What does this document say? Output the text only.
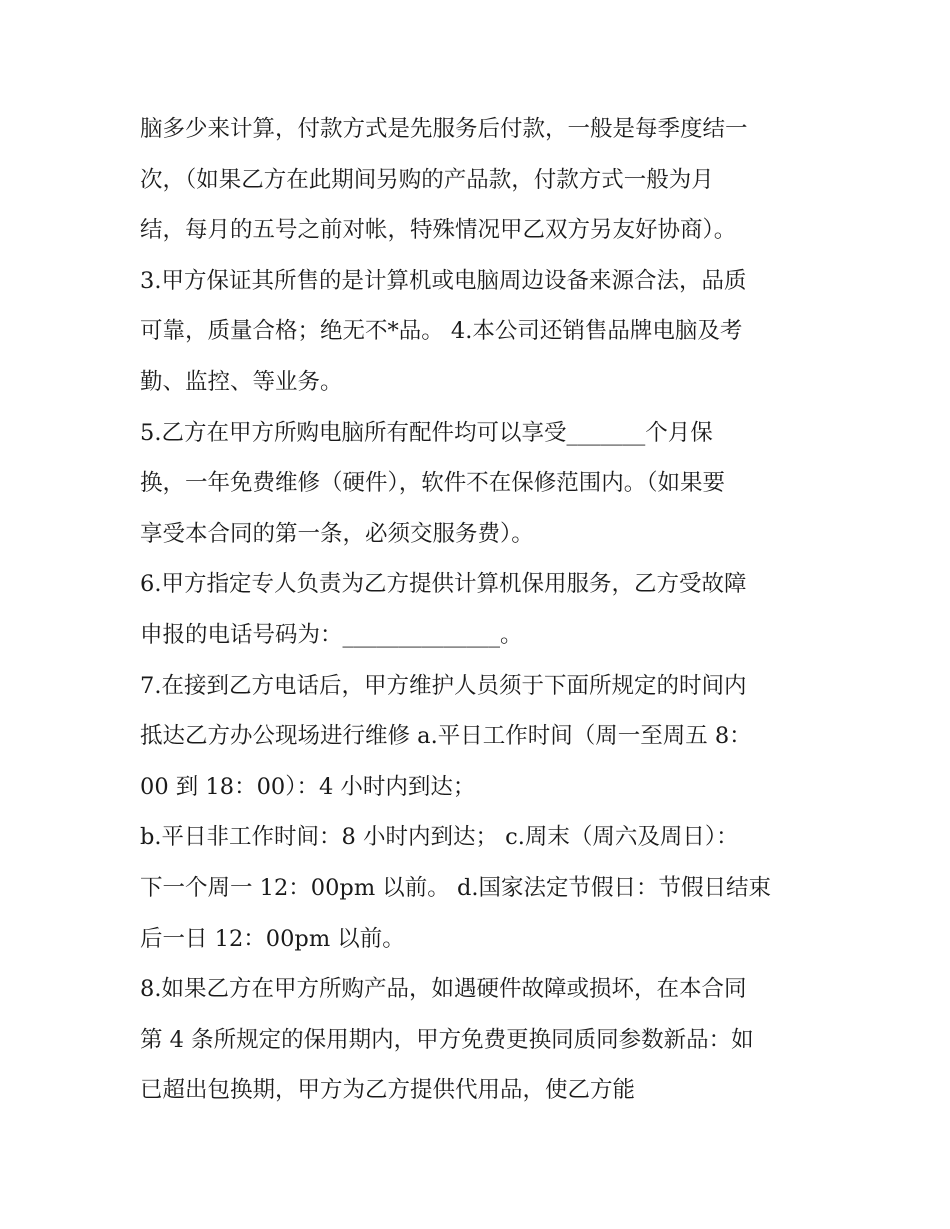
脑多少来计算，付款方式是先服务后付款，一般是每季度结一
次，（如果乙方在此期间另购的产品款，付款方式一般为月
结，每月的五号之前对帐，特殊情况甲乙双方另友好协商）。
3.甲方保证其所售的是计算机或电脑周边设备来源合法，品质
可靠，质量合格；绝无不*品。 4.本公司还销售品牌电脑及考
勤、监控、等业务。
5.乙方在甲方所购电脑所有配件均可以享受_______个月保
换，一年免费维修（硬件），软件不在保修范围内。（如果要
享受本合同的第一条，必须交服务费）。
6.甲方指定专人负责为乙方提供计算机保用服务，乙方受故障
申报的电话号码为：______________。
7.在接到乙方电话后，甲方维护人员须于下面所规定的时间内
抵达乙方办公现场进行维修 a.平日工作时间（周一至周五 8：
00 到 18：00）：4 小时内到达；
b.平日非工作时间：8 小时内到达； c.周末（周六及周日）：
下一个周一 12：00pm 以前。 d.国家法定节假日：节假日结束
后一日 12：00pm 以前。
8.如果乙方在甲方所购产品，如遇硬件故障或损坏，在本合同
第 4 条所规定的保用期内，甲方免费更换同质同参数新品：如
已超出包换期，甲方为乙方提供代用品，使乙方能
